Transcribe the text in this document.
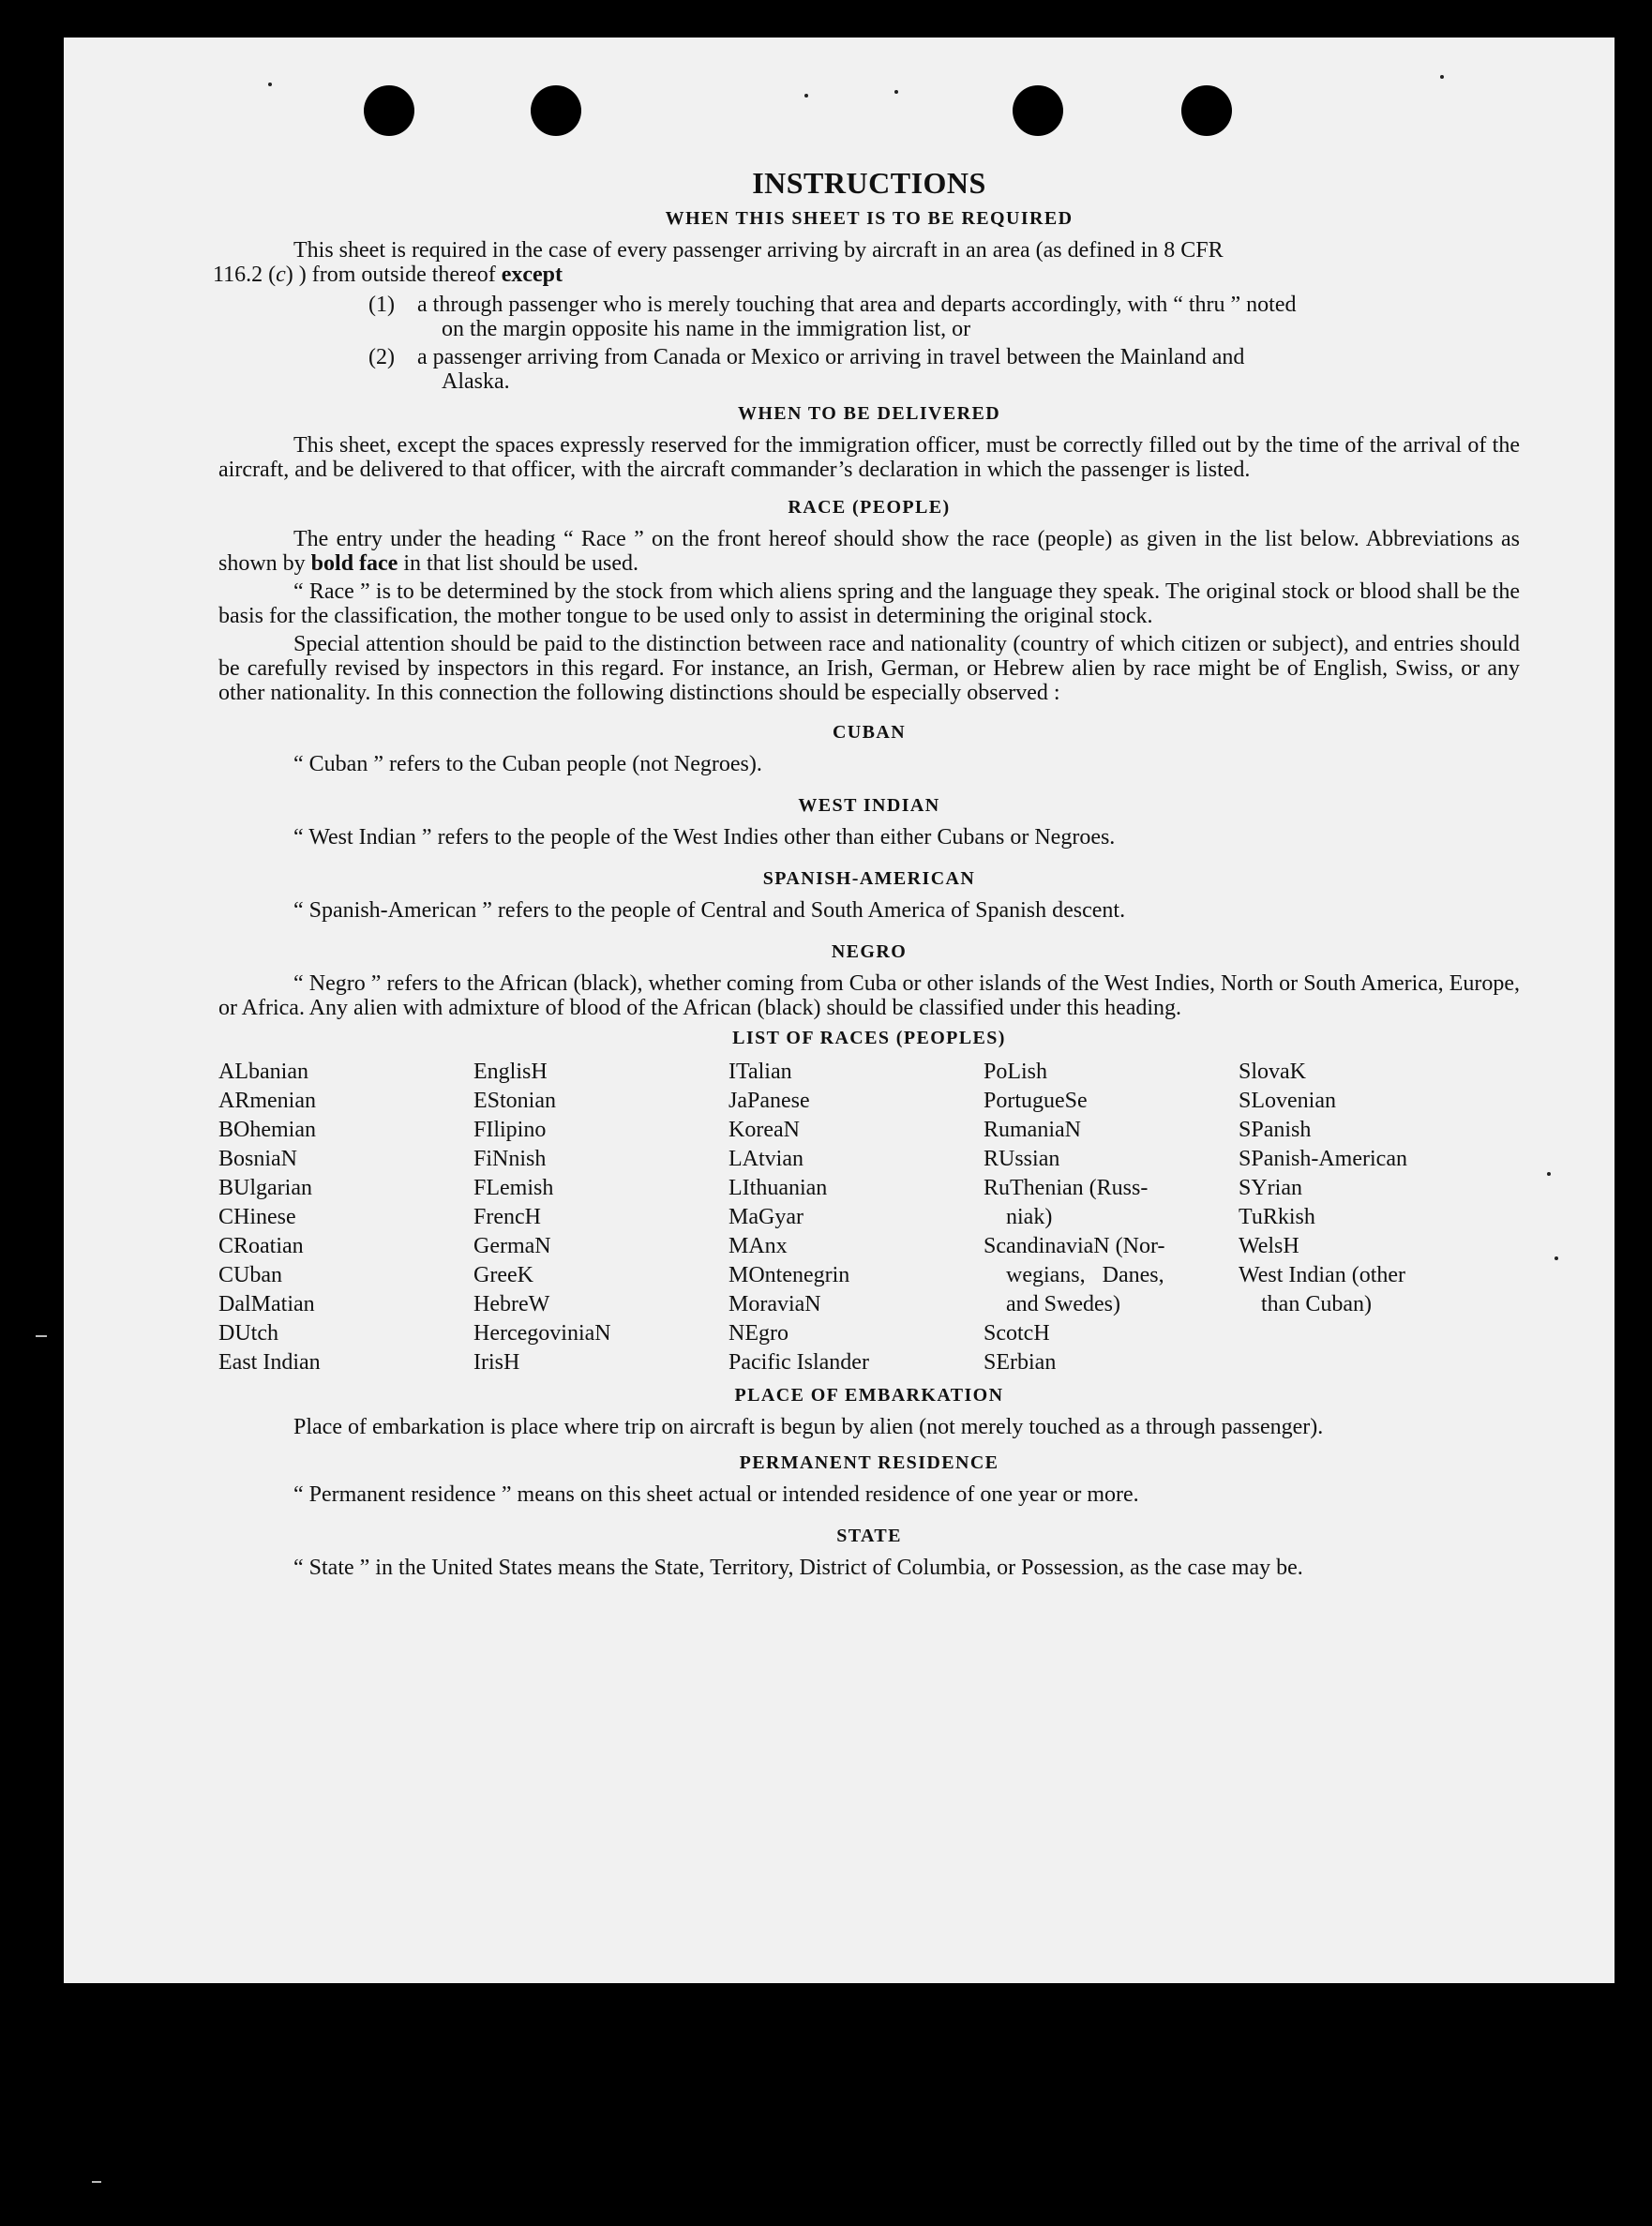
INSTRUCTIONS
WHEN THIS SHEET IS TO BE REQUIRED
This sheet is required in the case of every passenger arriving by aircraft in an area (as defined in 8 CFR
116.2 (c) ) from outside thereof except
(1)	a through passenger who is merely touching that area and departs accordingly, with “ thru ” noted
on the margin opposite his name in the immigration list, or
(2)	a passenger arriving from Canada or Mexico or arriving in travel between the Mainland and
Alaska.
WHEN TO BE DELIVERED
This sheet, except the spaces expressly reserved for the immigration officer, must be correctly filled out by the time of the arrival of the aircraft, and be delivered to that officer, with the aircraft commander’s declaration in which the passenger is listed.
RACE (PEOPLE)
The entry under the heading “ Race ” on the front hereof should show the race (people) as given in the list below. Abbreviations as shown by bold face in that list should be used.
“ Race ” is to be determined by the stock from which aliens spring and the language they speak. The original stock or blood shall be the basis for the classification, the mother tongue to be used only to assist in determining the original stock.
Special attention should be paid to the distinction between race and nationality (country of which citizen or subject), and entries should be carefully revised by inspectors in this regard. For instance, an Irish, German, or Hebrew alien by race might be of English, Swiss, or any other nationality. In this connection the following distinctions should be especially observed :
CUBAN
“ Cuban ” refers to the Cuban people (not Negroes).
WEST INDIAN
“ West Indian ” refers to the people of the West Indies other than either Cubans or Negroes.
SPANISH-AMERICAN
“ Spanish-American ” refers to the people of Central and South America of Spanish descent.
NEGRO
“ Negro ” refers to the African (black), whether coming from Cuba or other islands of the West Indies, North or South America, Europe, or Africa. Any alien with admixture of blood of the African (black) should be classified under this heading.
LIST OF RACES (PEOPLES)
ALbanian
ARmenian
BOhemian
BosniaN
BUlgarian
CHinese
CRoatian
CUban
DalMatian
DUtch
East Indian
EnglisH
EStonian
FIlipino
FiNnish
FLemish
FrencH
GermaN
GreeK
HebreW
HercegoviniaN
IrisH
ITalian
JaPanese
KoreaN
LAtvian
LIthuanian
MaGyar
MAnx
MOntenegrin
MoraviaN
NEgro
Pacific Islander
PoLish
PortugueSe
RumaniaN
RUssian
RuThenian (Russ-
niak)
ScandinaviaN (Nor-
wegians, Danes,
and Swedes)
ScotcH
SErbian
SlovaK
SLovenian
SPanish
SPanish-American
SYrian
TuRkish
WelsH
West Indian (other
than Cuban)
PLACE OF EMBARKATION
Place of embarkation is place where trip on aircraft is begun by alien (not merely touched as a through passenger).
PERMANENT RESIDENCE
“ Permanent residence ” means on this sheet actual or intended residence of one year or more.
STATE
“ State ” in the United States means the State, Territory, District of Columbia, or Possession, as the case may be.
